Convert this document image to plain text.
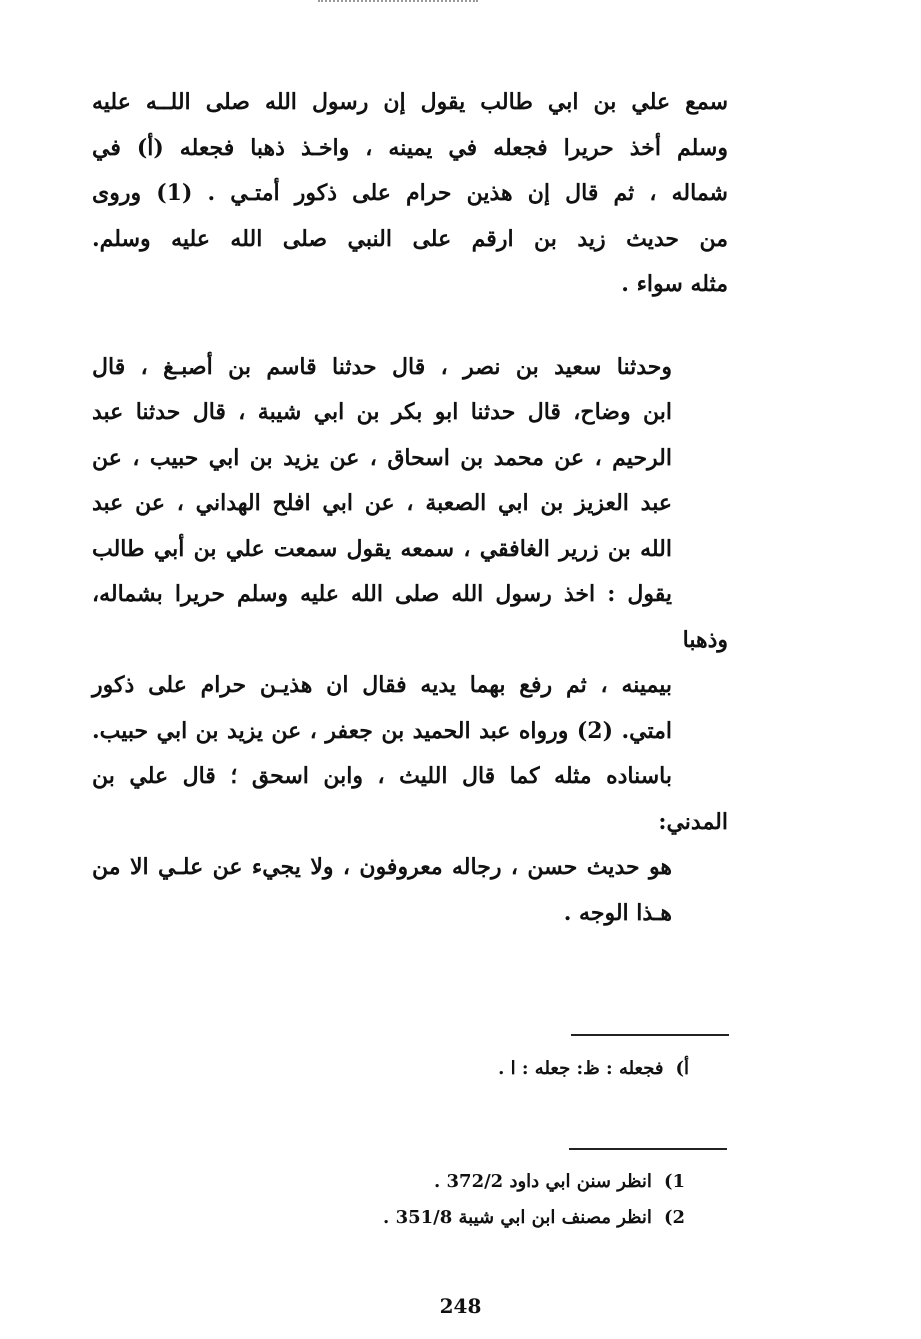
سمع علي بن ابي طالب يقول إن رسول الله صلى اللــه عليه
وسلم أخذ حريرا فجعله في يمينه ، واخـذ ذهبا فجعله (أ) في
شماله ، ثم قال إن هذين حرام على ذكور أمتـي . (1) وروى
من حديث زيد بن ارقم على النبي صلى الله عليه وسلم.
مثله سواء .

وحدثنا سعيد بن نصر ، قال حدثنا قاسم بن أصبـغ ، قال
ابن وضاح، قال حدثنا ابو بكر بن ابي شيبة ، قال حدثنا عبد
الرحيم ، عن محمد بن اسحاق ، عن يزيد بن ابي حبيب ، عن
عبد العزيز بن ابي الصعبة ، عن ابي افلح الهداني ، عن عبد
الله بن زرير الغافقي ، سمعه يقول سمعت علي بن أبي طالب
يقول : اخذ رسول الله صلى الله عليه وسلم حريرا بشماله، وذهبا
بيمينه ، ثم رفع بهما يديه فقال ان هذيـن حرام على ذكور
امتي. (2) ورواه عبد الحميد بن جعفر ، عن يزيد بن ابي حبيب.
باسناده مثله كما قال الليث ، وابن اسحق ؛ قال علي بن المدني:
هو حديث حسن ، رجاله معروفون ، ولا يجيء عن علـي الا من
هـذا الوجه .

أ)فجعله : ظ: جعله : ا .
1)انظر سنن ابي داود 372/2 .
2)انظر مصنف ابن ابي شيبة 351/8 .
248
